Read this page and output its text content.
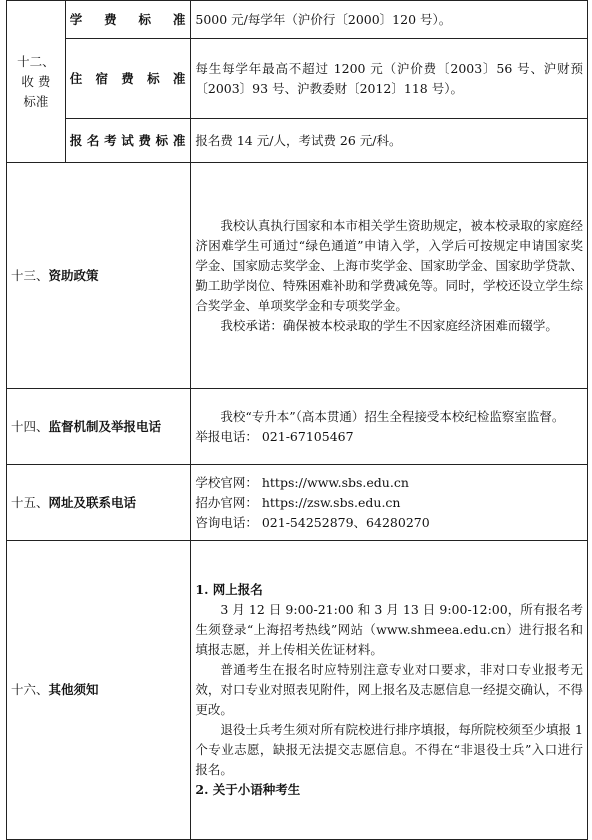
十二、
收 费
标准	学 费 标 准	5000 元/每学年（沪价行〔2000〕120 号）。
	住宿费标准	每生每学年最高不超过 1200 元（沪价费〔2003〕56 号、沪财预〔2003〕93 号、沪教委财〔2012〕118 号）。
	报名考试费标准	报名费 14 元/人，考试费 26 元/科。
十三、资助政策		我校认真执行国家和本市相关学生资助规定，被本校录取的家庭经济困难学生可通过“绿色通道”申请入学，入学后可按规定申请国家奖学金、国家励志奖学金、上海市奖学金、国家助学金、国家助学贷款、勤工助学岗位、特殊困难补助和学费减免等。同时，学校还设立学生综合奖学金、单项奖学金和专项奖学金。

我校承诺：确保被本校录取的学生不因家庭经济困难而辍学。

十四、监督机制及举报电话		我校“专升本”（高本贯通）招生全程接受本校纪检监察室监督。

举报电话： 021-67105467

十五、网址及联系电话		学校官网： https://www.sbs.edu.cn

招办官网： https://zsw.sbs.edu.cn

咨询电话： 021-54252879、64280270

十六、其他须知		1. 网上报名

3 月 12 日 9:00-21:00 和 3 月 13 日 9:00-12:00，所有报名考生须登录“上海招考热线”网站（www.shmeea.edu.cn）进行报名和填报志愿，并上传相关佐证材料。

普通考生在报名时应特别注意专业对口要求，非对口专业报考无效，对口专业对照表见附件，网上报名及志愿信息一经提交确认，不得更改。

退役士兵考生须对所有院校进行排序填报，每所院校须至少填报 1 个专业志愿，缺报无法提交志愿信息。不得在“非退役士兵”入口进行报名。

2. 关于小语种考生
